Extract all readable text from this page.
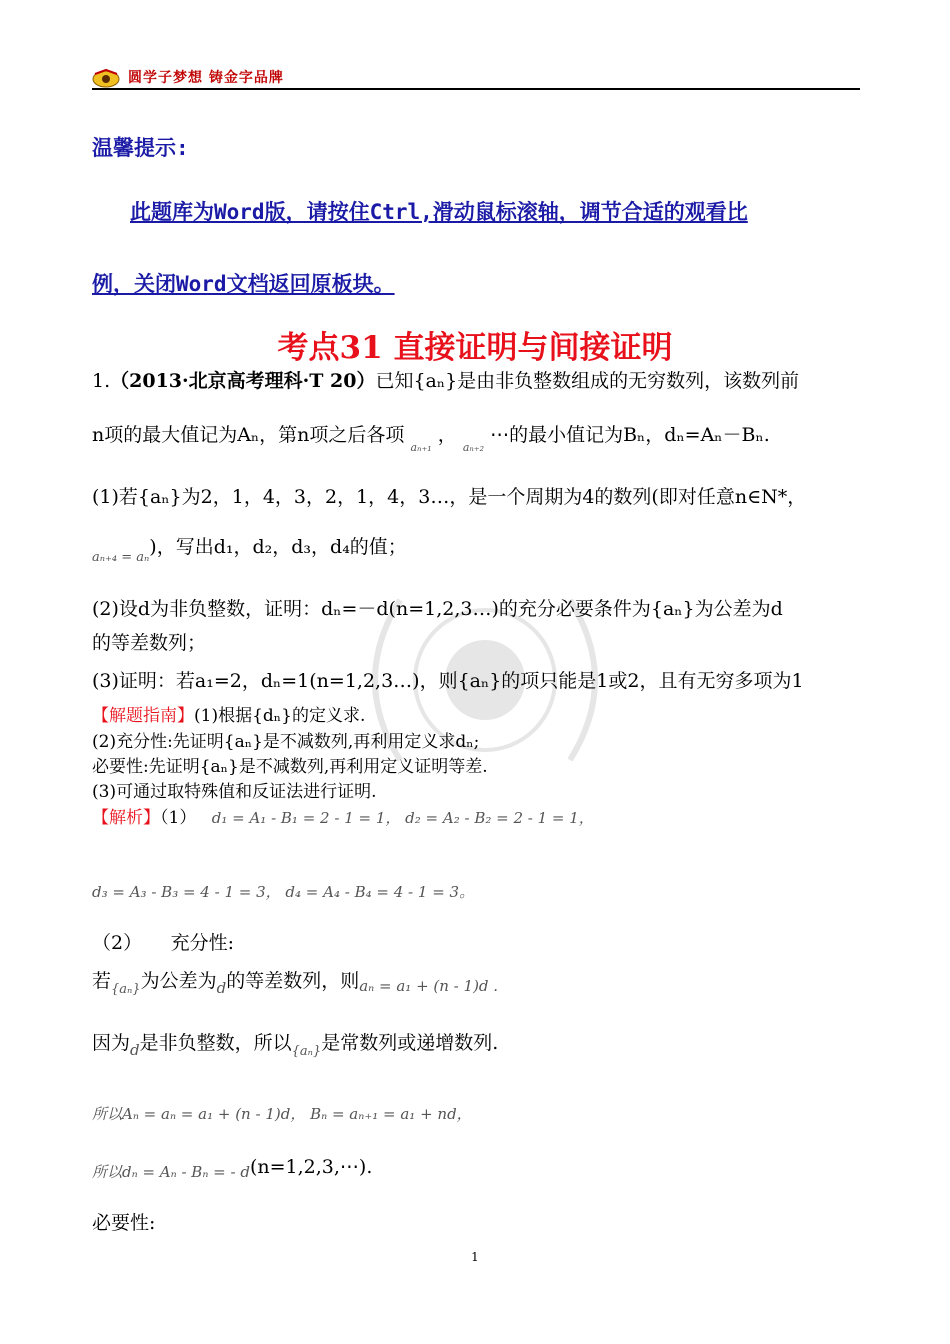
圆学子梦想 铸金字品牌
温馨提示:
此题库为Word版，请按住Ctrl,滑动鼠标滚轴，调节合适的观看比
例，关闭Word文档返回原板块。
考点31 直接证明与间接证明
1.（2013·北京高考理科·T 20）已知{aₙ}是由非负整数组成的无穷数列，该数列前
n项的最大值记为Aₙ，第n项之后各项 $_{a_{n+1}}$ ， $_{a_{n+2}}$ ⋯的最小值记为Bₙ，dₙ=Aₙ－Bₙ.
(1)若{aₙ}为2，1，4，3，2，1，4，3…，是一个周期为4的数列(即对任意n∈N*，
$_{a_{n+4} = a_n}$)，写出d₁，d₂，d₃，d₄的值；
(2)设d为非负整数，证明：dₙ=－d(n=1,2,3…)的充分必要条件为{aₙ}为公差为d
的等差数列；
(3)证明：若a₁=2，dₙ=1(n=1,2,3…)，则{aₙ}的项只能是1或2，且有无穷多项为1
【解题指南】(1)根据{dₙ}的定义求.
(2)充分性:先证明{aₙ}是不减数列,再利用定义求dₙ;
必要性:先证明{aₙ}是不减数列,再利用定义证明等差.
(3)可通过取特殊值和反证法进行证明.
【解析】（1） d₁ = A₁ - B₁ = 2 - 1 = 1， d₂ = A₂ - B₂ = 2 - 1 = 1，
d₃ = A₃ - B₃ = 4 - 1 = 3， d₄ = A₄ - B₄ = 4 - 1 = 3。
（2）　　充分性:
若$_{\{a_n\}}$为公差为$_d$的等差数列，则$_{a_n = a_1 + (n - 1)d .}$
因为$_d$是非负整数，所以$_{\{a_n\}}$是常数列或递增数列.
所以Aₙ = aₙ = a₁ + (n - 1)d， Bₙ = aₙ₊₁ = a₁ + nd，
$_{所以d_n = A_n - B_n = - d}$(n=1,2,3,⋯).
必要性:
1
